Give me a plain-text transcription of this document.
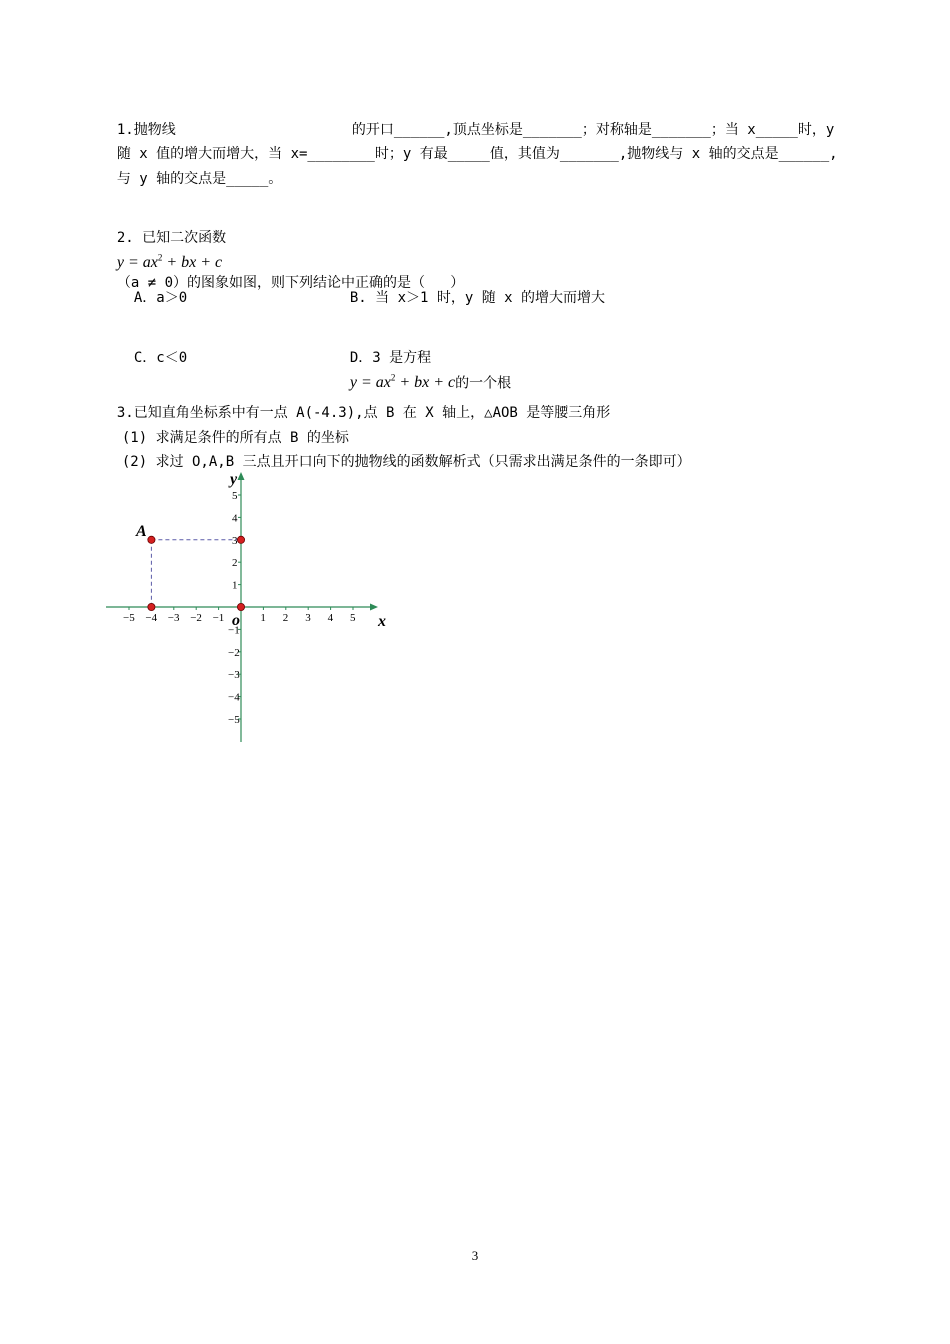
1.抛物线	的开口______,顶点坐标是_______；对称轴是_______；当 x_____时，y

随 x 值的增大而增大，当 x=________时；y 有最_____值，其值为_______,抛物线与 x 轴的交点是______,

与 y 轴的交点是_____。

2. 已知二次函数
$y = ax^2$ + bx + c
（a ≠ 0）的图象如图，则下列结论中正确的是（   ）

A．a＞0	B. 当 x＞1 时，y 随 x 的增大而增大

C．c＜0	D．3 是方程
$y = ax^2$ + bx + c的一个根

3.已知直角坐标系中有一点 A(-4.3),点 B 在 X 轴上，△AOB 是等腰三角形

(1) 求满足条件的所有点 B 的坐标

(2) 求过 O,A,B 三点且开口向下的抛物线的函数解析式（只需求出满足条件的一条即可）

−5 −4 −3 −2 −1	1 2 3 4 5
5
4
3
2
1
−1
−2
−3
−4
−5
x
y
o
A
3
